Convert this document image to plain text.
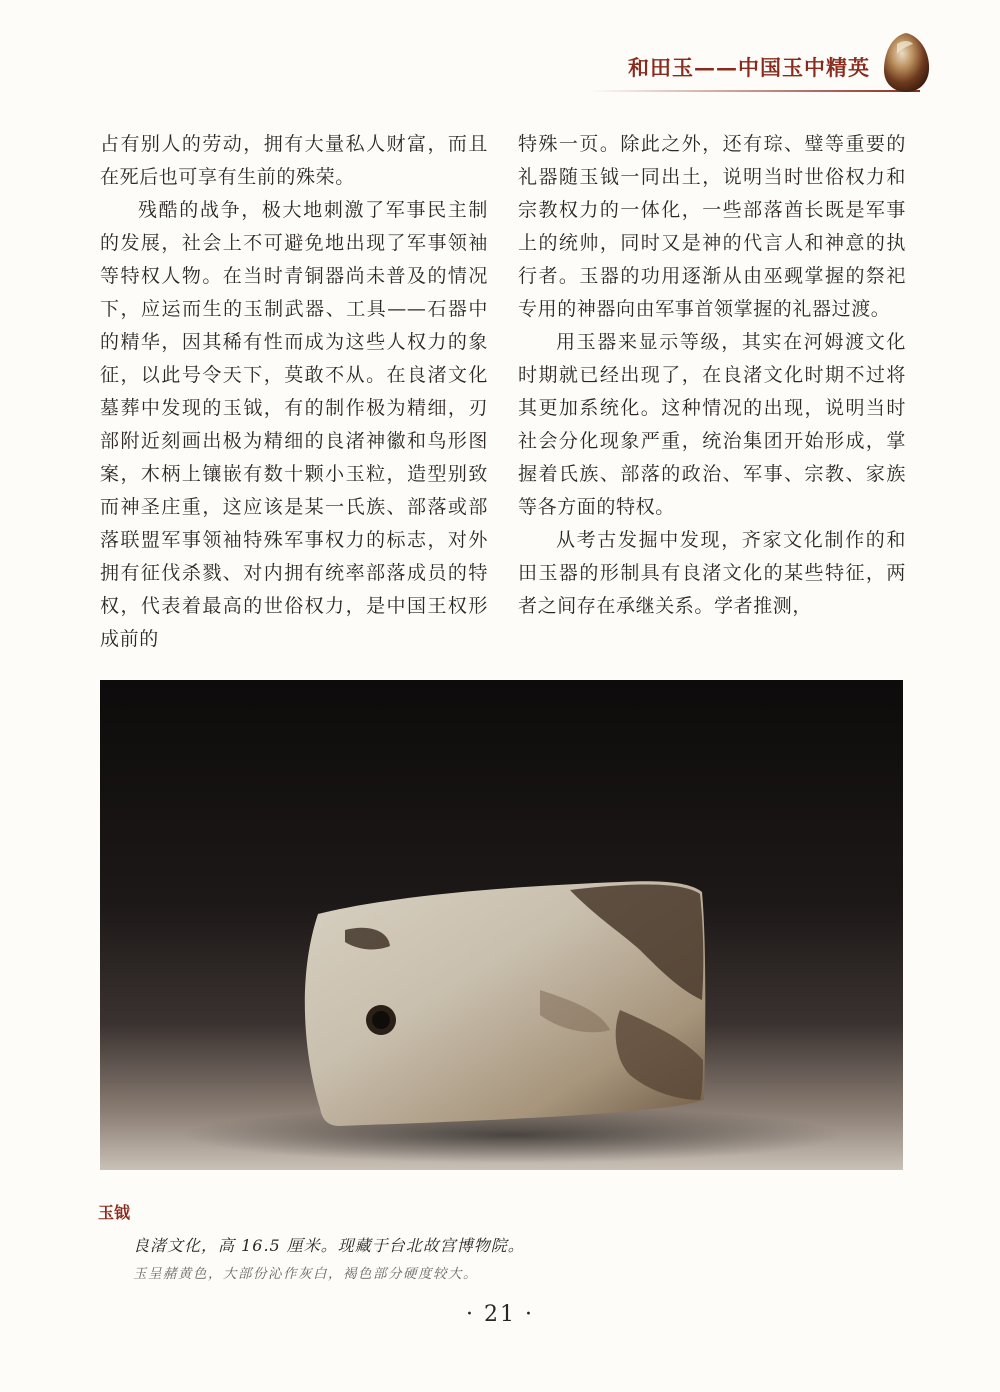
和田玉——中国玉中精英

占有别人的劳动，拥有大量私人财富，而且在死后也可享有生前的殊荣。

残酷的战争，极大地刺激了军事民主制的发展，社会上不可避免地出现了军事领袖等特权人物。在当时青铜器尚未普及的情况下，应运而生的玉制武器、工具——石器中的精华，因其稀有性而成为这些人权力的象征，以此号令天下，莫敢不从。在良渚文化墓葬中发现的玉钺，有的制作极为精细，刃部附近刻画出极为精细的良渚神徽和鸟形图案，木柄上镶嵌有数十颗小玉粒，造型别致而神圣庄重，这应该是某一氏族、部落或部落联盟军事领袖特殊军事权力的标志，对外拥有征伐杀戮、对内拥有统率部落成员的特权，代表着最高的世俗权力，是中国王权形成前的

特殊一页。除此之外，还有琮、璧等重要的礼器随玉钺一同出土，说明当时世俗权力和宗教权力的一体化，一些部落酋长既是军事上的统帅，同时又是神的代言人和神意的执行者。玉器的功用逐渐从由巫觋掌握的祭祀专用的神器向由军事首领掌握的礼器过渡。

用玉器来显示等级，其实在河姆渡文化时期就已经出现了，在良渚文化时期不过将其更加系统化。这种情况的出现，说明当时社会分化现象严重，统治集团开始形成，掌握着氏族、部落的政治、军事、宗教、家族等各方面的特权。

从考古发掘中发现，齐家文化制作的和田玉器的形制具有良渚文化的某些特征，两者之间存在承继关系。学者推测，

玉钺
良渚文化，高 16.5 厘米。现藏于台北故宫博物院。
玉呈赭黄色，大部份沁作灰白，褐色部分硬度较大。
· 21 ·
